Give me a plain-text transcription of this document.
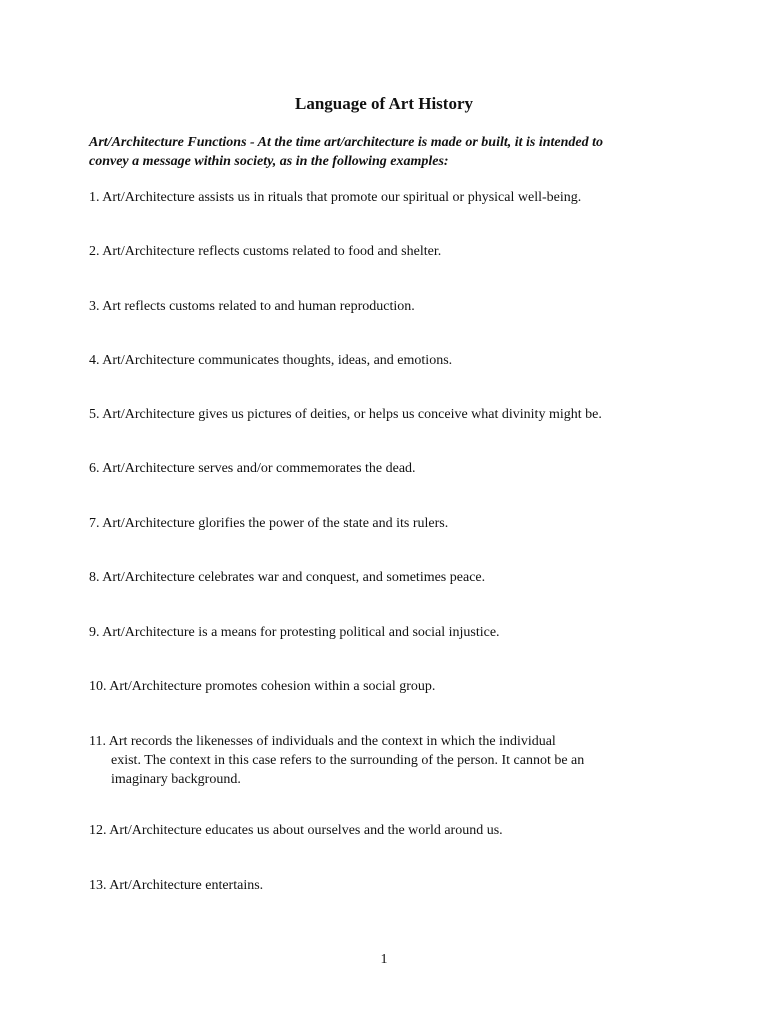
Language of Art History
Art/Architecture Functions - At the time art/architecture is made or built, it is intended to
convey a message within society, as in the following examples:
1. Art/Architecture assists us in rituals that promote our spiritual or physical well-being.
2. Art/Architecture reflects customs related to food and shelter.
3. Art reflects customs related to and human reproduction.
4. Art/Architecture communicates thoughts, ideas, and emotions.
5. Art/Architecture gives us pictures of deities, or helps us conceive what divinity might be.
6. Art/Architecture serves and/or commemorates the dead.
7. Art/Architecture glorifies the power of the state and its rulers.
8. Art/Architecture celebrates war and conquest, and sometimes peace.
9. Art/Architecture is a means for protesting political and social injustice.
10. Art/Architecture promotes cohesion within a social group.
11. Art records the likenesses of individuals and the context in which the individual
exist. The context in this case refers to the surrounding of the person. It cannot be an
imaginary background.
12. Art/Architecture educates us about ourselves and the world around us.
13. Art/Architecture entertains.
1
